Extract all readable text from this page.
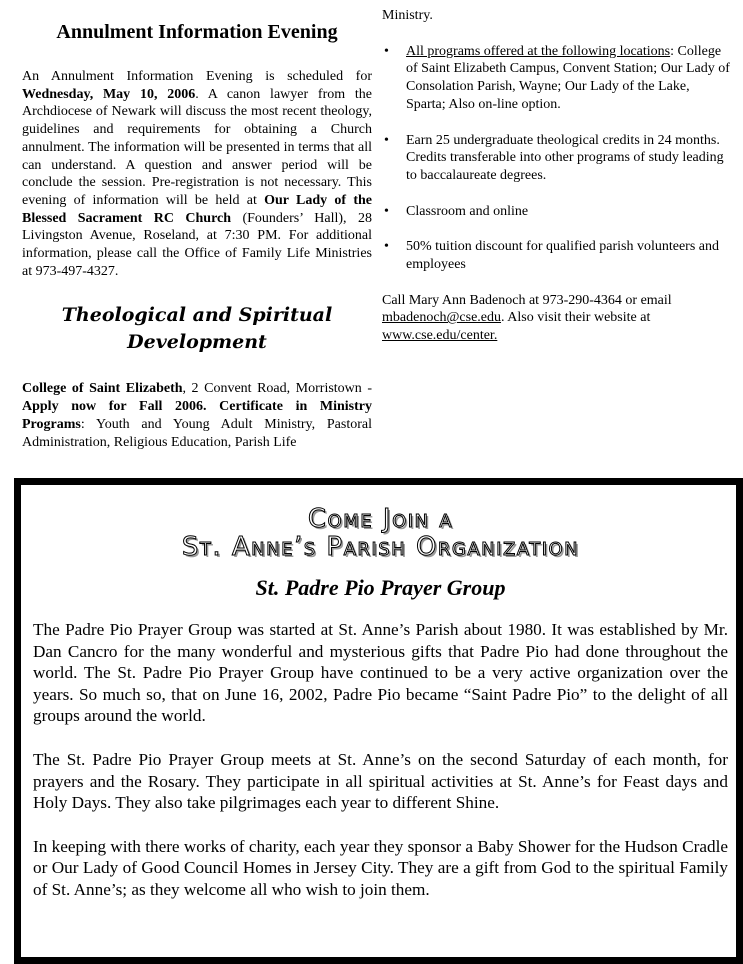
Annulment Information Evening

An Annulment Information Evening is scheduled for Wednesday, May 10, 2006. A canon lawyer from the Archdiocese of Newark will discuss the most recent theology, guidelines and requirements for obtaining a Church annulment. The information will be presented in terms that all can understand. A question and answer period will be conclude the session. Pre-registration is not necessary. This evening of information will be held at Our Lady of the Blessed Sacrament RC Church (Founders’ Hall), 28 Livingston Avenue, Roseland, at 7:30 PM. For additional information, please call the Office of Family Life Ministries at 973-497-4327.

Theological and Spiritual

Development

College of Saint Elizabeth, 2 Convent Road, Morristown - Apply now for Fall 2006. Certificate in Ministry Programs: Youth and Young Adult Ministry, Pastoral Administration, Religious Education, Parish Life

Ministry.

• All programs offered at the following locations: College of Saint Elizabeth Campus, Convent Station; Our Lady of Consolation Parish, Wayne; Our Lady of the Lake, Sparta; Also on-line option.
• Earn 25 undergraduate theological credits in 24 months. Credits transferable into other programs of study leading to baccalaureate degrees.
• Classroom and online
• 50% tuition discount for qualified parish volunteers and employees

Call Mary Ann Badenoch at 973-290-4364 or email mbadenoch@cse.edu. Also visit their website at www.cse.edu/center.

Come Join a

St. Anne’s Parish Organization

St. Padre Pio Prayer Group

The Padre Pio Prayer Group was started at St. Anne’s Parish about 1980. It was established by Mr. Dan Cancro for the many wonderful and mysterious gifts that Padre Pio had done throughout the world. The St. Padre Pio Prayer Group have continued to be a very active organization over the years. So much so, that on June 16, 2002, Padre Pio became “Saint Padre Pio” to the delight of all groups around the world.

The St. Padre Pio Prayer Group meets at St. Anne’s on the second Saturday of each month, for prayers and the Rosary. They participate in all spiritual activities at St. Anne’s for Feast days and Holy Days. They also take pilgrimages each year to different Shine.

In keeping with there works of charity, each year they sponsor a Baby Shower for the Hudson Cradle or Our Lady of Good Council Homes in Jersey City. They are a gift from God to the spiritual Family of St. Anne’s; as they welcome all who wish to join them.
